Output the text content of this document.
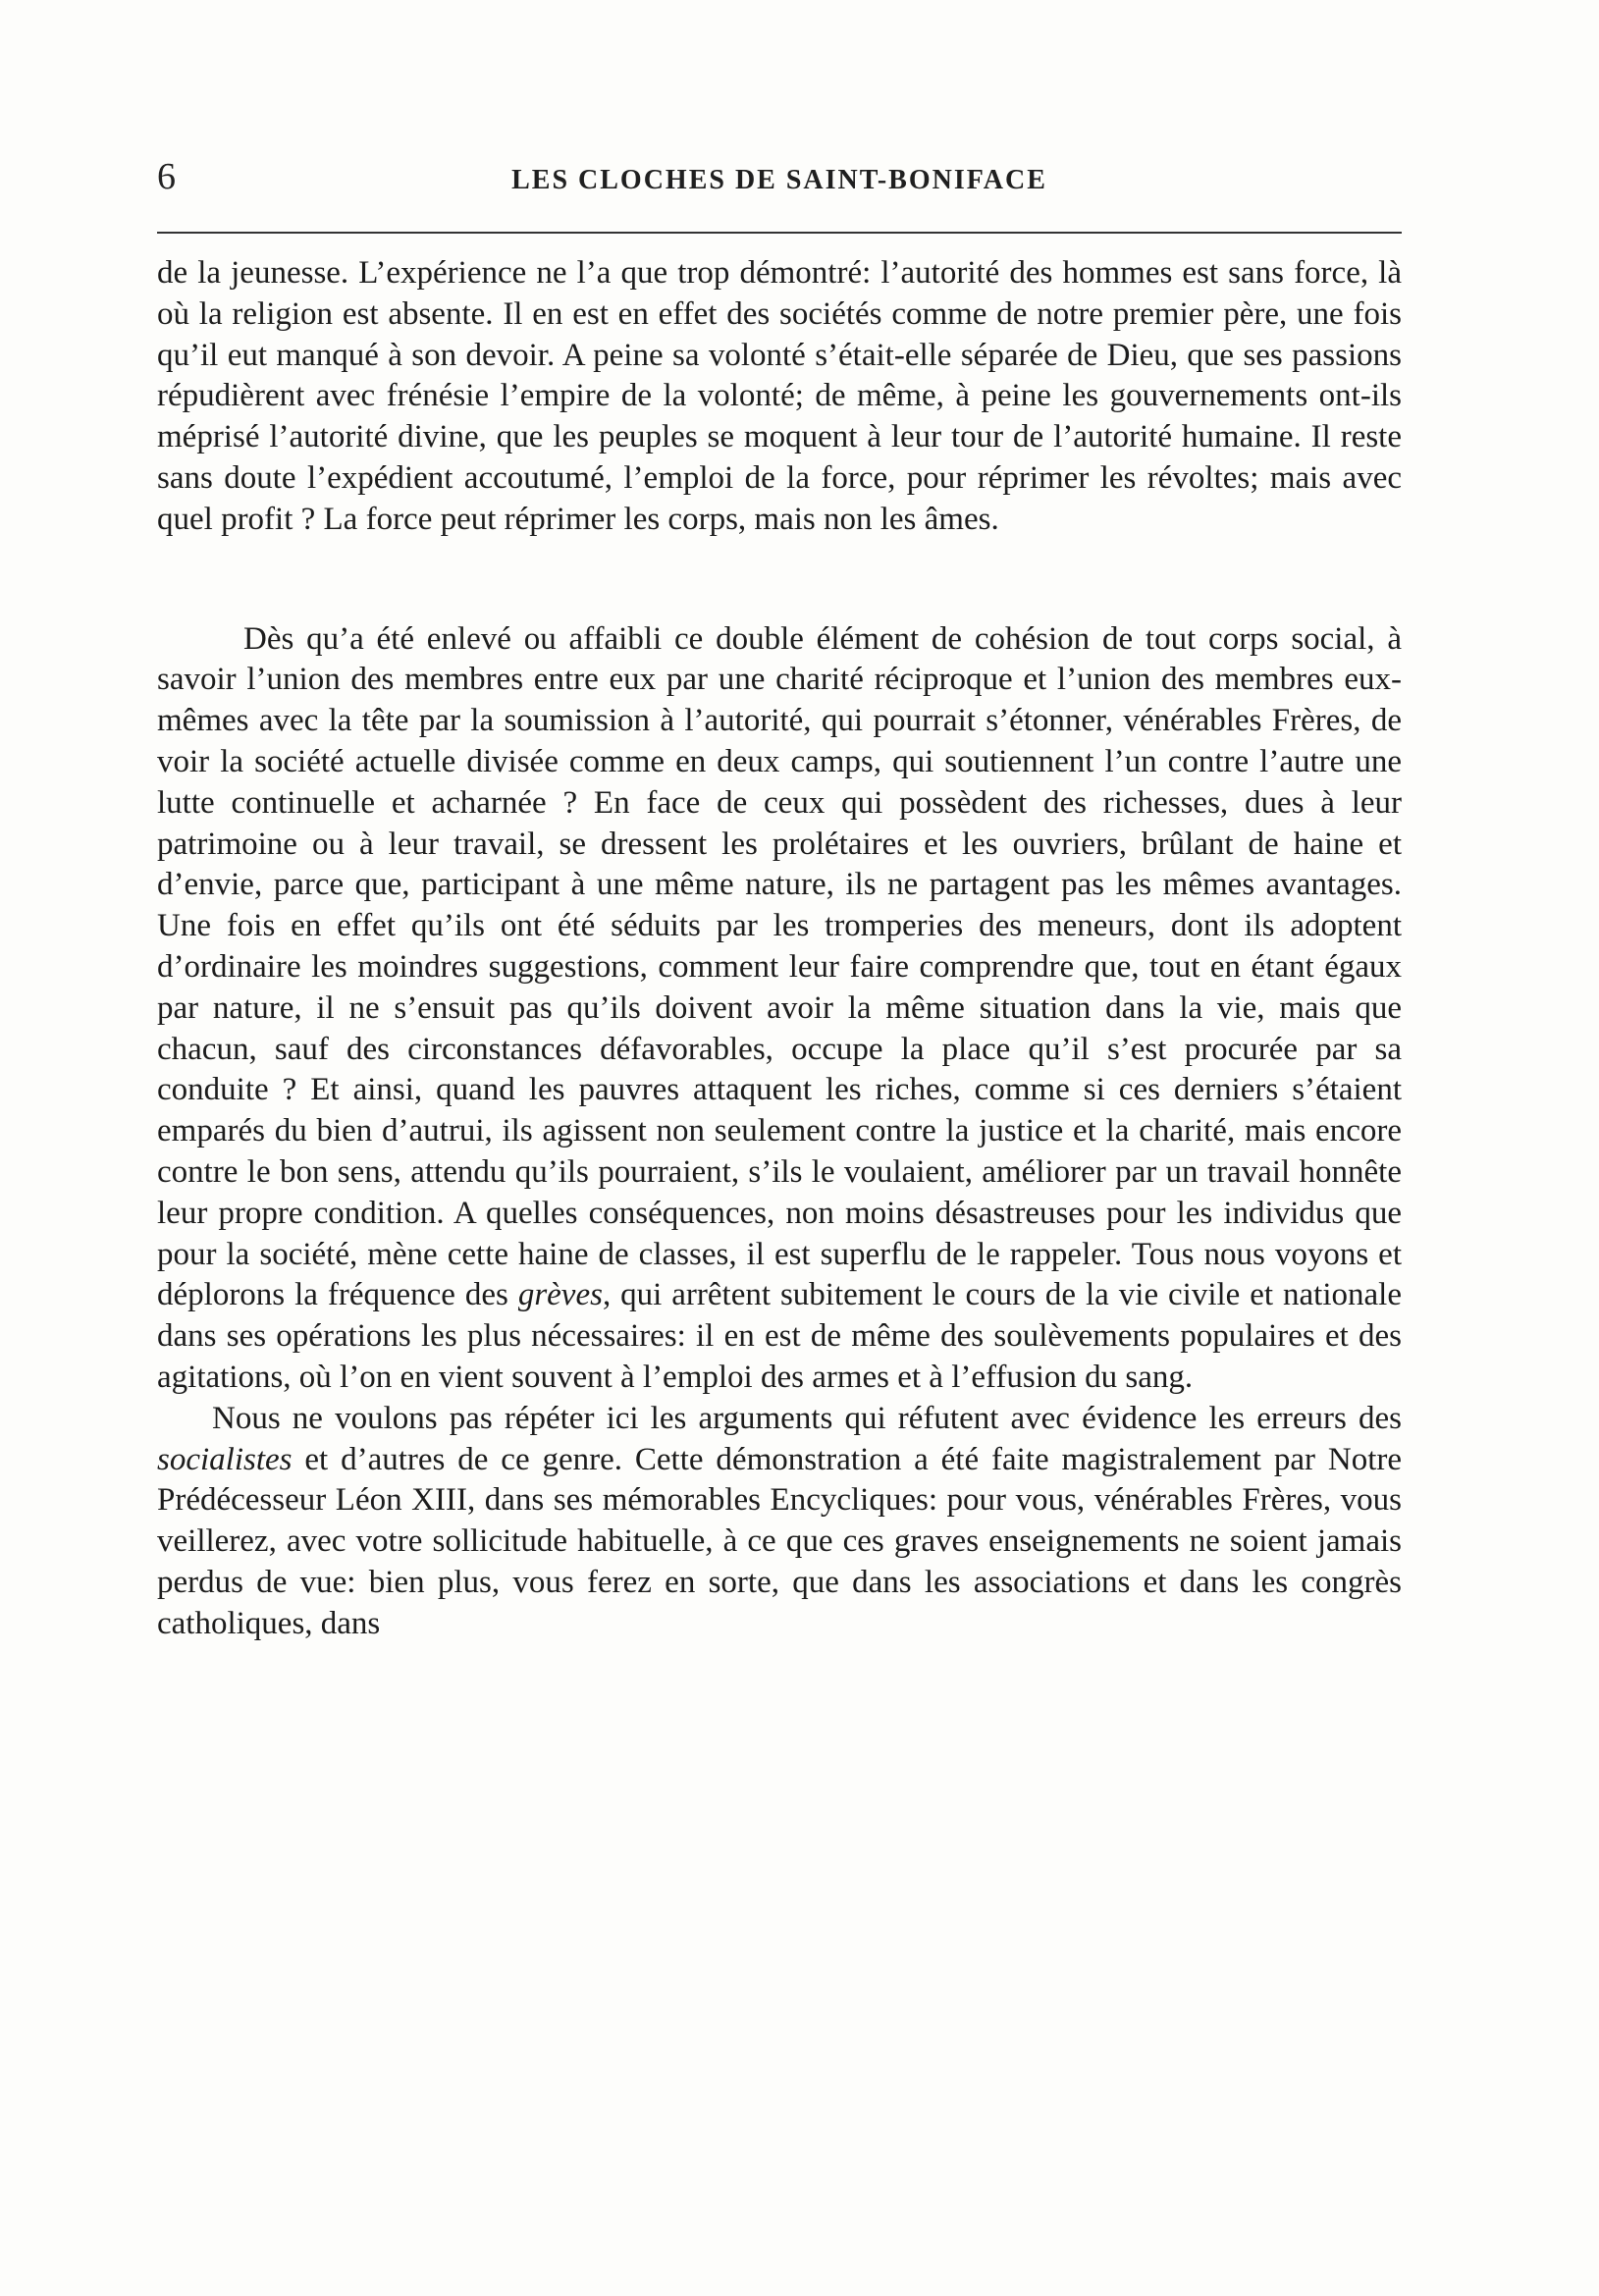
6	LES CLOCHES DE SAINT-BONIFACE

de la jeunesse. L’expérience ne l’a que trop démontré: l’autorité des hommes est sans force, là où la religion est absente. Il en est en effet des sociétés comme de notre premier père, une fois qu’il eut manqué à son devoir. A peine sa volonté s’était-elle séparée de Dieu, que ses passions répudièrent avec frénésie l’empire de la volonté; de même, à peine les gouvernements ont-ils méprisé l’autorité divine, que les peuples se moquent à leur tour de l’autorité humaine. Il reste sans doute l’expédient accoutumé, l’emploi de la force, pour réprimer les révoltes; mais avec quel profit ? La force peut réprimer les corps, mais non les âmes.

Dès qu’a été enlevé ou affaibli ce double élément de cohésion de tout corps social, à savoir l’union des membres entre eux par une charité réciproque et l’union des membres eux-mêmes avec la tête par la soumission à l’autorité, qui pourrait s’étonner, vénérables Frères, de voir la société actuelle divisée comme en deux camps, qui soutiennent l’un contre l’autre une lutte continuelle et acharnée ? En face de ceux qui possèdent des richesses, dues à leur patrimoine ou à leur travail, se dressent les prolétaires et les ouvriers, brûlant de haine et d’envie, parce que, participant à une même nature, ils ne partagent pas les mêmes avantages. Une fois en effet qu’ils ont été séduits par les tromperies des meneurs, dont ils adoptent d’ordinaire les moindres suggestions, comment leur faire comprendre que, tout en étant égaux par nature, il ne s’ensuit pas qu’ils doivent avoir la même situation dans la vie, mais que chacun, sauf des circonstances défavorables, occupe la place qu’il s’est procurée par sa conduite ? Et ainsi, quand les pauvres attaquent les riches, comme si ces derniers s’étaient emparés du bien d’autrui, ils agissent non seulement contre la justice et la charité, mais encore contre le bon sens, attendu qu’ils pourraient, s’ils le voulaient, améliorer par un travail honnête leur propre condition. A quelles conséquences, non moins désastreuses pour les individus que pour la société, mène cette haine de classes, il est superflu de le rappeler. Tous nous voyons et déplorons la fréquence des grèves, qui arrêtent subitement le cours de la vie civile et nationale dans ses opérations les plus nécessaires: il en est de même des soulèvements populaires et des agitations, où l’on en vient souvent à l’emploi des armes et à l’effusion du sang.

Nous ne voulons pas répéter ici les arguments qui réfutent avec évidence les erreurs des socialistes et d’autres de ce genre. Cette démonstration a été faite magistralement par Notre Prédécesseur Léon XIII, dans ses mémorables Encycliques: pour vous, vénérables Frères, vous veillerez, avec votre sollicitude habituelle, à ce que ces graves enseignements ne soient jamais perdus de vue: bien plus, vous ferez en sorte, que dans les associations et dans les congrès catholiques, dans
